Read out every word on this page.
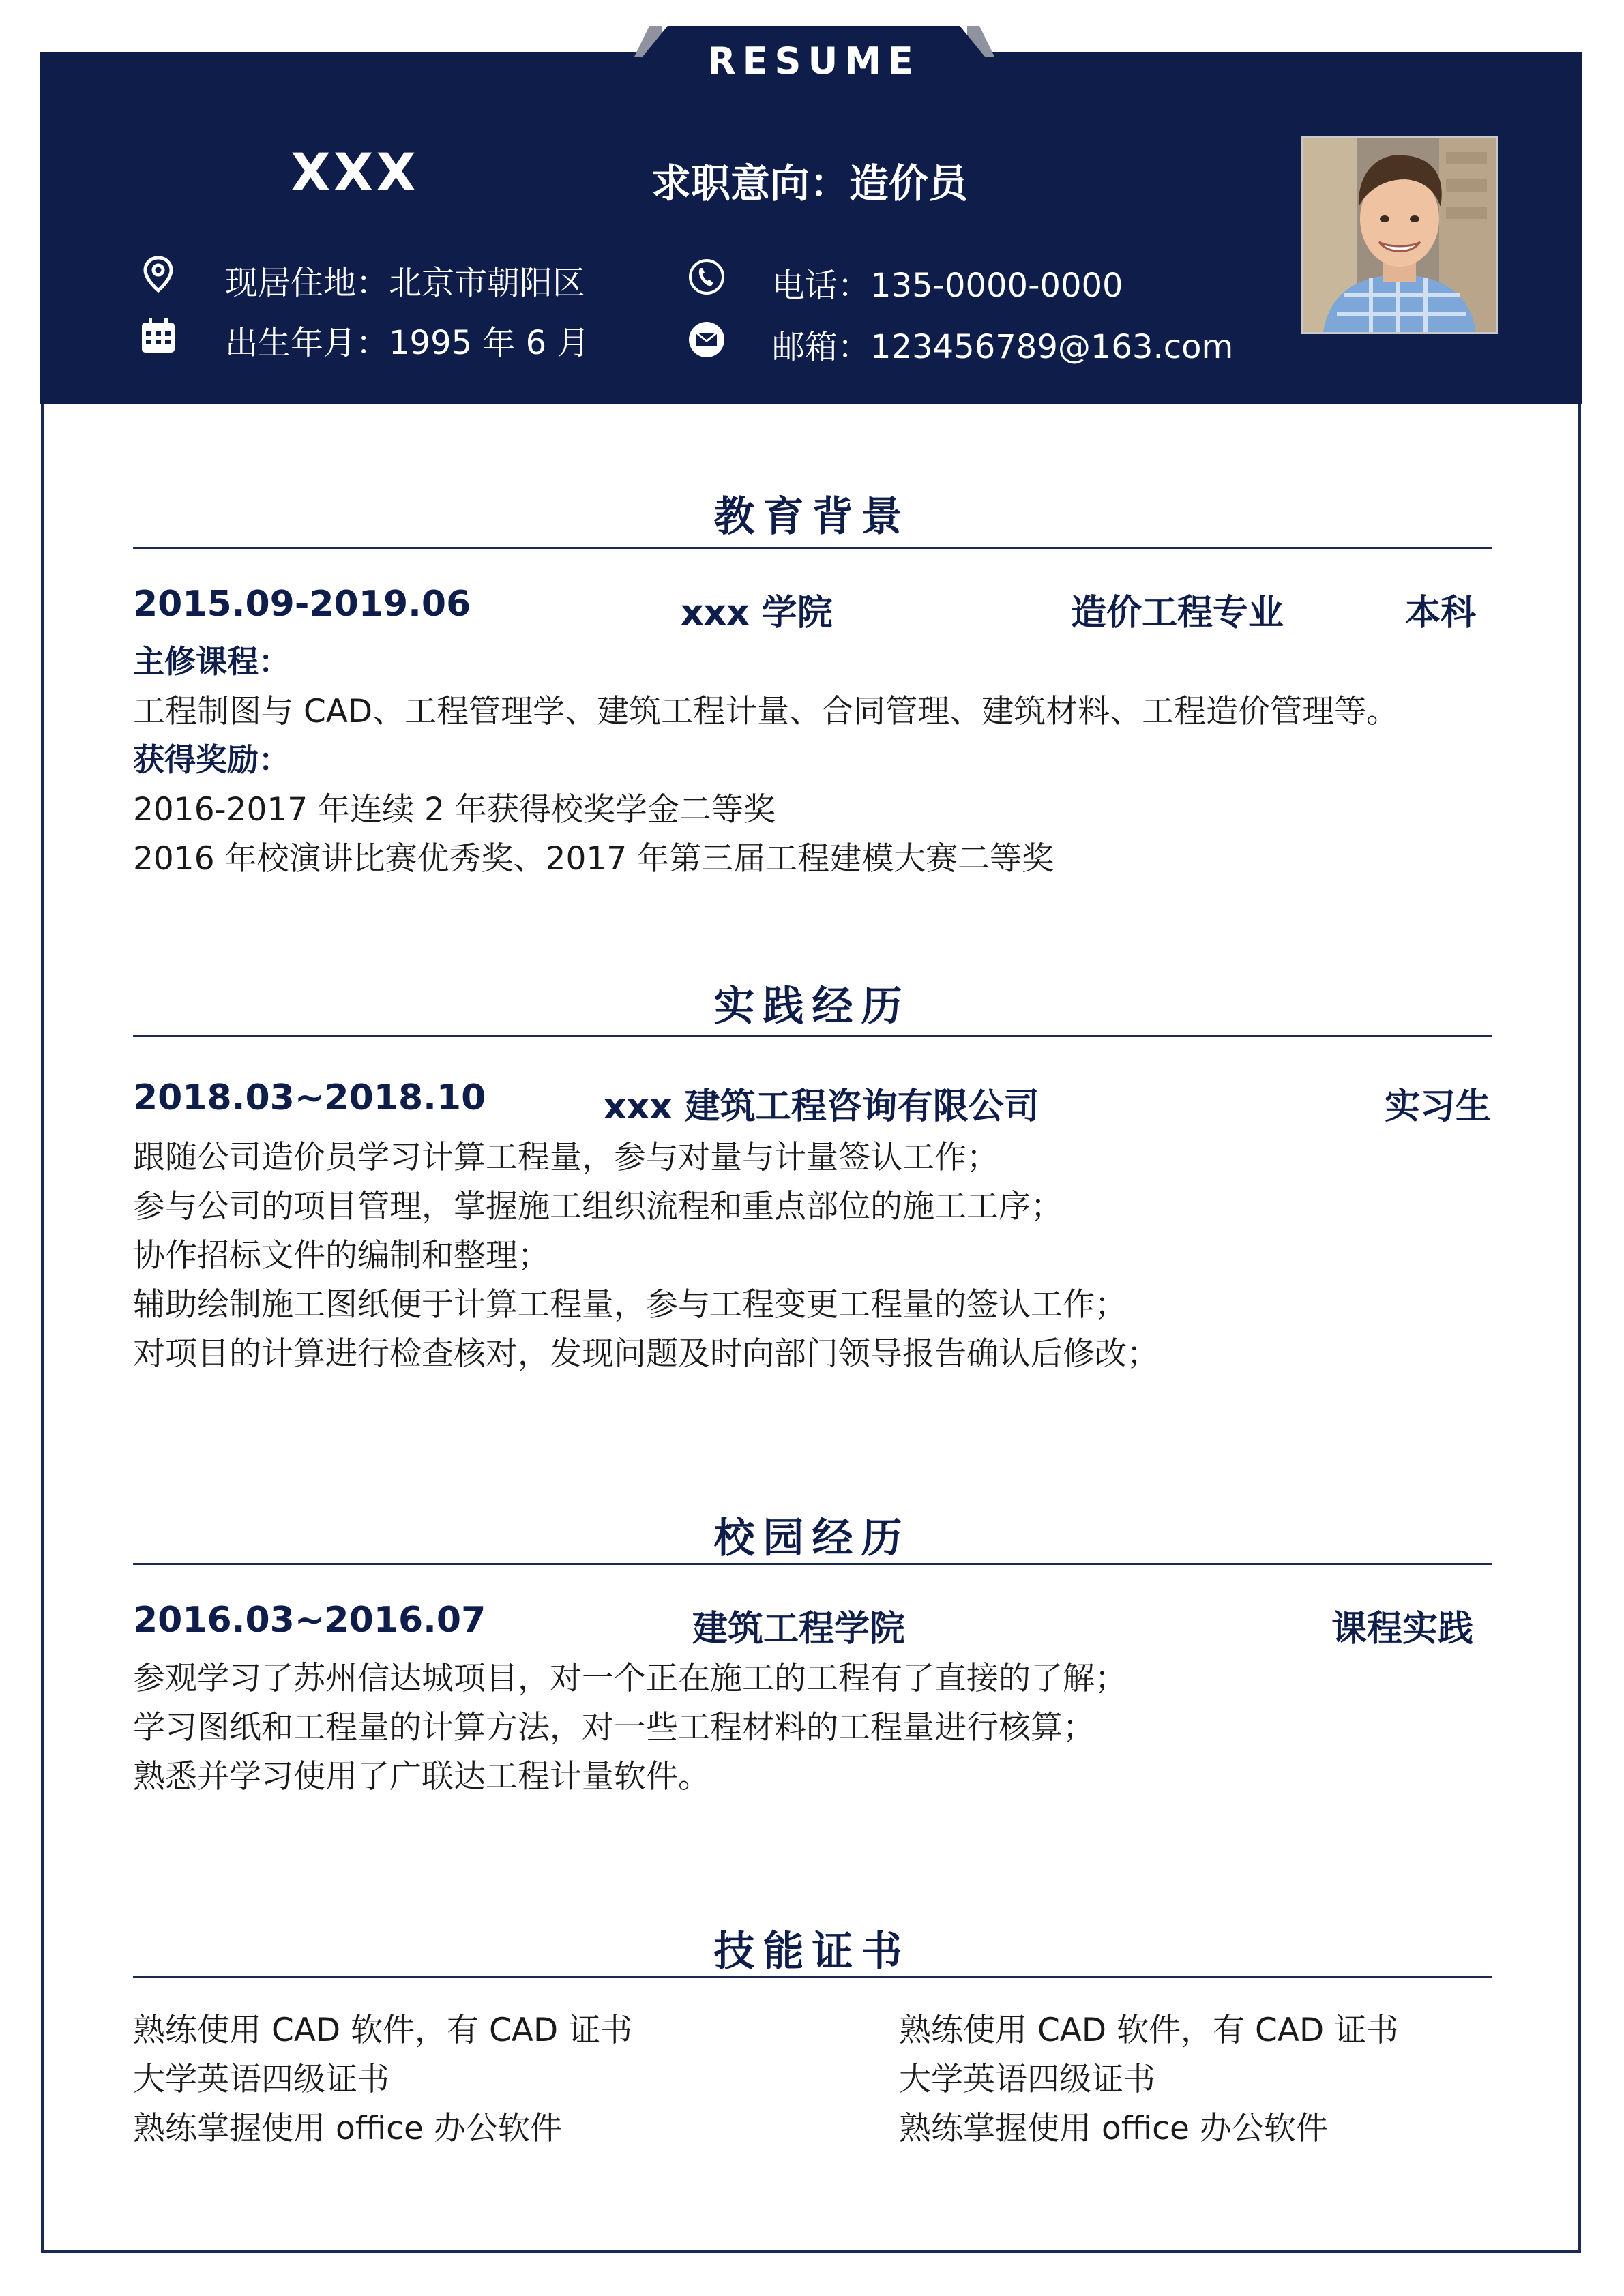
RESUME
XXX	求职意向：造价员
现居住地：北京市朝阳区
出生年月：1995 年 6 月
电话：135-0000-0000
邮箱：123456789@163.com
教育背景
2015.09-2019.06	xxx 学院	造价工程专业	本科
主修课程：
工程制图与 CAD、工程管理学、建筑工程计量、合同管理、建筑材料、工程造价管理等。
获得奖励：
2016-2017 年连续 2 年获得校奖学金二等奖
2016 年校演讲比赛优秀奖、2017 年第三届工程建模大赛二等奖
实践经历
2018.03~2018.10	xxx 建筑工程咨询有限公司	实习生
跟随公司造价员学习计算工程量，参与对量与计量签认工作；
参与公司的项目管理，掌握施工组织流程和重点部位的施工工序；
协作招标文件的编制和整理；
辅助绘制施工图纸便于计算工程量，参与工程变更工程量的签认工作；
对项目的计算进行检查核对，发现问题及时向部门领导报告确认后修改；
校园经历
2016.03~2016.07	建筑工程学院	课程实践
参观学习了苏州信达城项目，对一个正在施工的工程有了直接的了解；
学习图纸和工程量的计算方法，对一些工程材料的工程量进行核算；
熟悉并学习使用了广联达工程计量软件。
技能证书
熟练使用 CAD 软件，有 CAD 证书
大学英语四级证书
熟练掌握使用 office 办公软件
熟练使用 CAD 软件，有 CAD 证书
大学英语四级证书
熟练掌握使用 office 办公软件
